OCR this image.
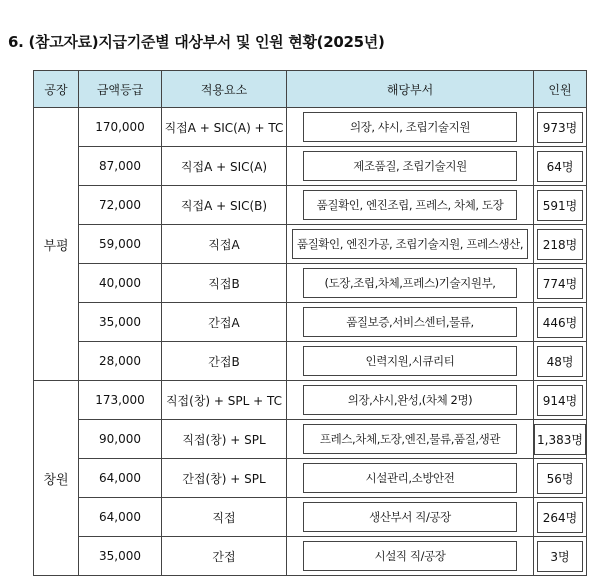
6. (참고자료)지급기준별 대상부서 및 인원 현황(2025년)
공장	금액등급	적용요소	해당부서	인원
부평	170,000	직접A + SIC(A) + TC	의장, 샤시, 조립기술지원	973명
	87,000	직접A + SIC(A)	제조품질, 조립기술지원	64명
	72,000	직접A + SIC(B)	품질확인, 엔진조립, 프레스, 차체, 도장	591명
	59,000	직접A	품질확인, 엔진가공, 조립기술지원, 프레스생산,	218명
	40,000	직접B	(도장,조립,차체,프레스)기술지원부,	774명
	35,000	간접A	품질보증,서비스센터,물류,	446명
	28,000	간접B	인력지원,시큐리티	48명
창원	173,000	직접(창) + SPL + TC	의장,샤시,완성,(차체 2명)	914명
	90,000	직접(창) + SPL	프레스,차체,도장,엔진,물류,품질,생관	1,383명
	64,000	간접(창) + SPL	시설관리,소방안전	56명
	64,000	직접	생산부서 직/공장	264명
	35,000	간접	시설직 직/공장	3명
